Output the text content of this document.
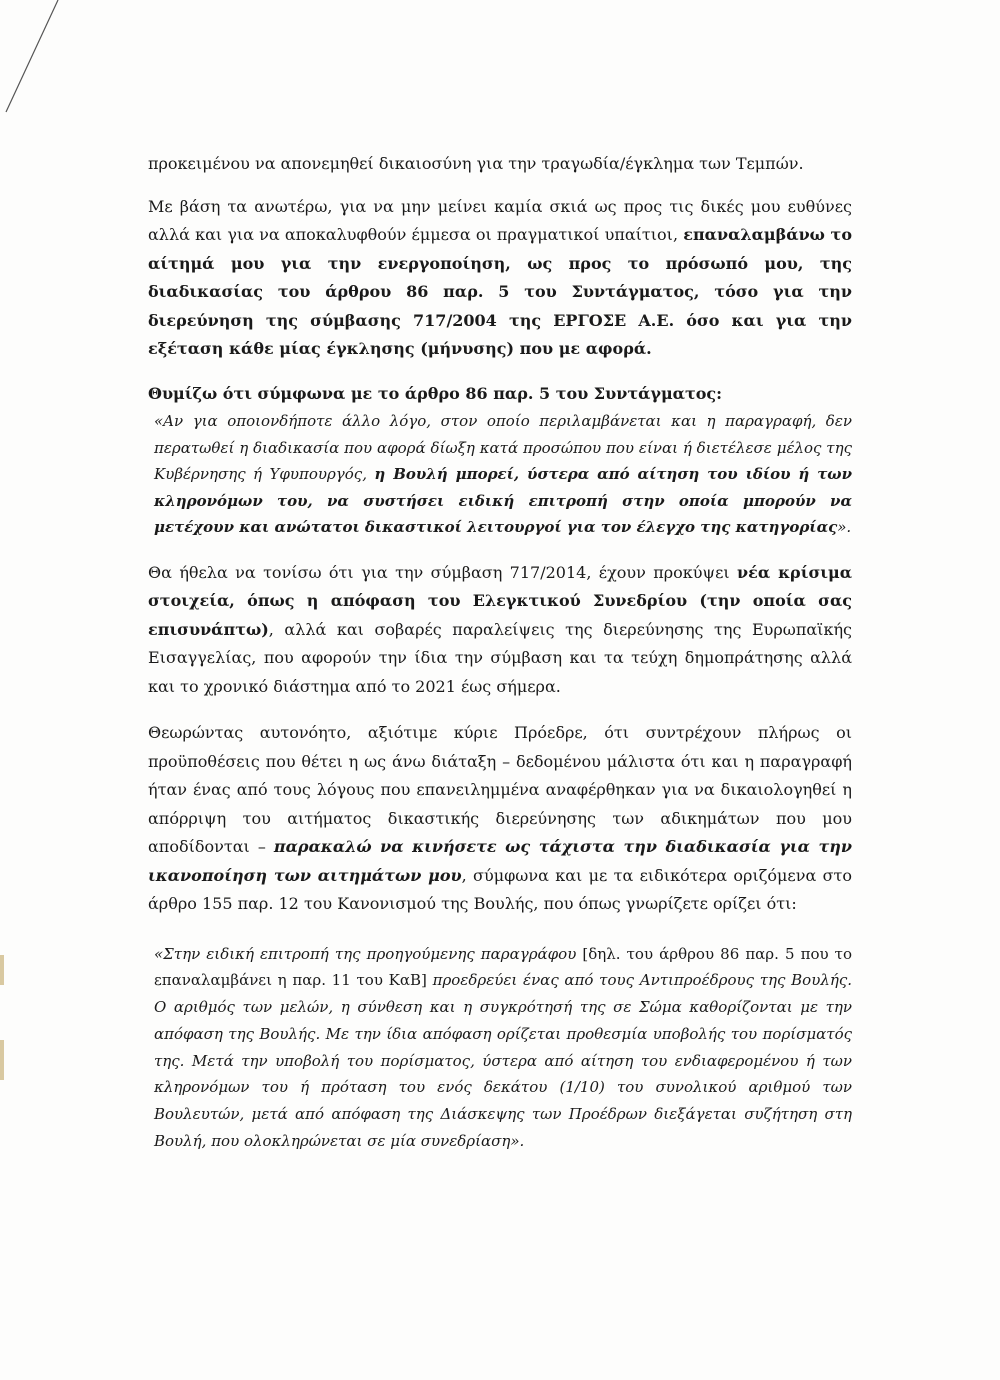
προκειμένου να απονεμηθεί δικαιοσύνη για την τραγωδία/έγκλημα των Τεμπών.

Με βάση τα ανωτέρω, για να μην μείνει καμία σκιά ως προς τις δικές μου ευθύνες αλλά και για να αποκαλυφθούν έμμεσα οι πραγματικοί υπαίτιοι, επαναλαμβάνω το αίτημά μου για την ενεργοποίηση, ως προς το πρόσωπό μου, της διαδικασίας του άρθρου 86 παρ. 5 του Συντάγματος, τόσο για την διερεύνηση της σύμβασης 717/2004 της ΕΡΓΟΣΕ Α.Ε. όσο και για την εξέταση κάθε μίας έγκλησης (μήνυσης) που με αφορά.

Θυμίζω ότι σύμφωνα με το άρθρο 86 παρ. 5 του Συντάγματος:

«Αν για οποιονδήποτε άλλο λόγο, στον οποίο περιλαμβάνεται και η παραγραφή, δεν περατωθεί η διαδικασία που αφορά δίωξη κατά προσώπου που είναι ή διετέλεσε μέλος της Κυβέρνησης ή Υφυπουργός, η Βουλή μπορεί, ύστερα από αίτηση του ιδίου ή των κληρονόμων του, να συστήσει ειδική επιτροπή στην οποία μπορούν να μετέχουν και ανώτατοι δικαστικοί λειτουργοί για τον έλεγχο της κατηγορίας».

Θα ήθελα να τονίσω ότι για την σύμβαση 717/2014, έχουν προκύψει νέα κρίσιμα στοιχεία, όπως η απόφαση του Ελεγκτικού Συνεδρίου (την οποία σας επισυνάπτω), αλλά και σοβαρές παραλείψεις της διερεύνησης της Ευρωπαϊκής Εισαγγελίας, που αφορούν την ίδια την σύμβαση και τα τεύχη δημοπράτησης αλλά και το χρονικό διάστημα από το 2021 έως σήμερα.

Θεωρώντας αυτονόητο, αξιότιμε κύριε Πρόεδρε, ότι συντρέχουν πλήρως οι προϋποθέσεις που θέτει η ως άνω διάταξη – δεδομένου μάλιστα ότι και η παραγραφή ήταν ένας από τους λόγους που επανειλημμένα αναφέρθηκαν για να δικαιολογηθεί η απόρριψη του αιτήματος δικαστικής διερεύνησης των αδικημάτων που μου αποδίδονται – παρακαλώ να κινήσετε ως τάχιστα την διαδικασία για την ικανοποίηση των αιτημάτων μου, σύμφωνα και με τα ειδικότερα οριζόμενα στο άρθρο 155 παρ. 12 του Κανονισμού της Βουλής, που όπως γνωρίζετε ορίζει ότι:

«Στην ειδική επιτροπή της προηγούμενης παραγράφου [δηλ. του άρθρου 86 παρ. 5 που το επαναλαμβάνει η παρ. 11 του ΚαΒ] προεδρεύει ένας από τους Αντιπροέδρους της Βουλής. Ο αριθμός των μελών, η σύνθεση και η συγκρότησή της σε Σώμα καθορίζονται με την απόφαση της Βουλής. Με την ίδια απόφαση ορίζεται προθεσμία υποβολής του πορίσματός της. Μετά την υποβολή του πορίσματος, ύστερα από αίτηση του ενδιαφερομένου ή των κληρονόμων του ή πρόταση του ενός δεκάτου (1/10) του συνολικού αριθμού των Βουλευτών, μετά από απόφαση της Διάσκεψης των Προέδρων διεξάγεται συζήτηση στη Βουλή, που ολοκληρώνεται σε μία συνεδρίαση».
